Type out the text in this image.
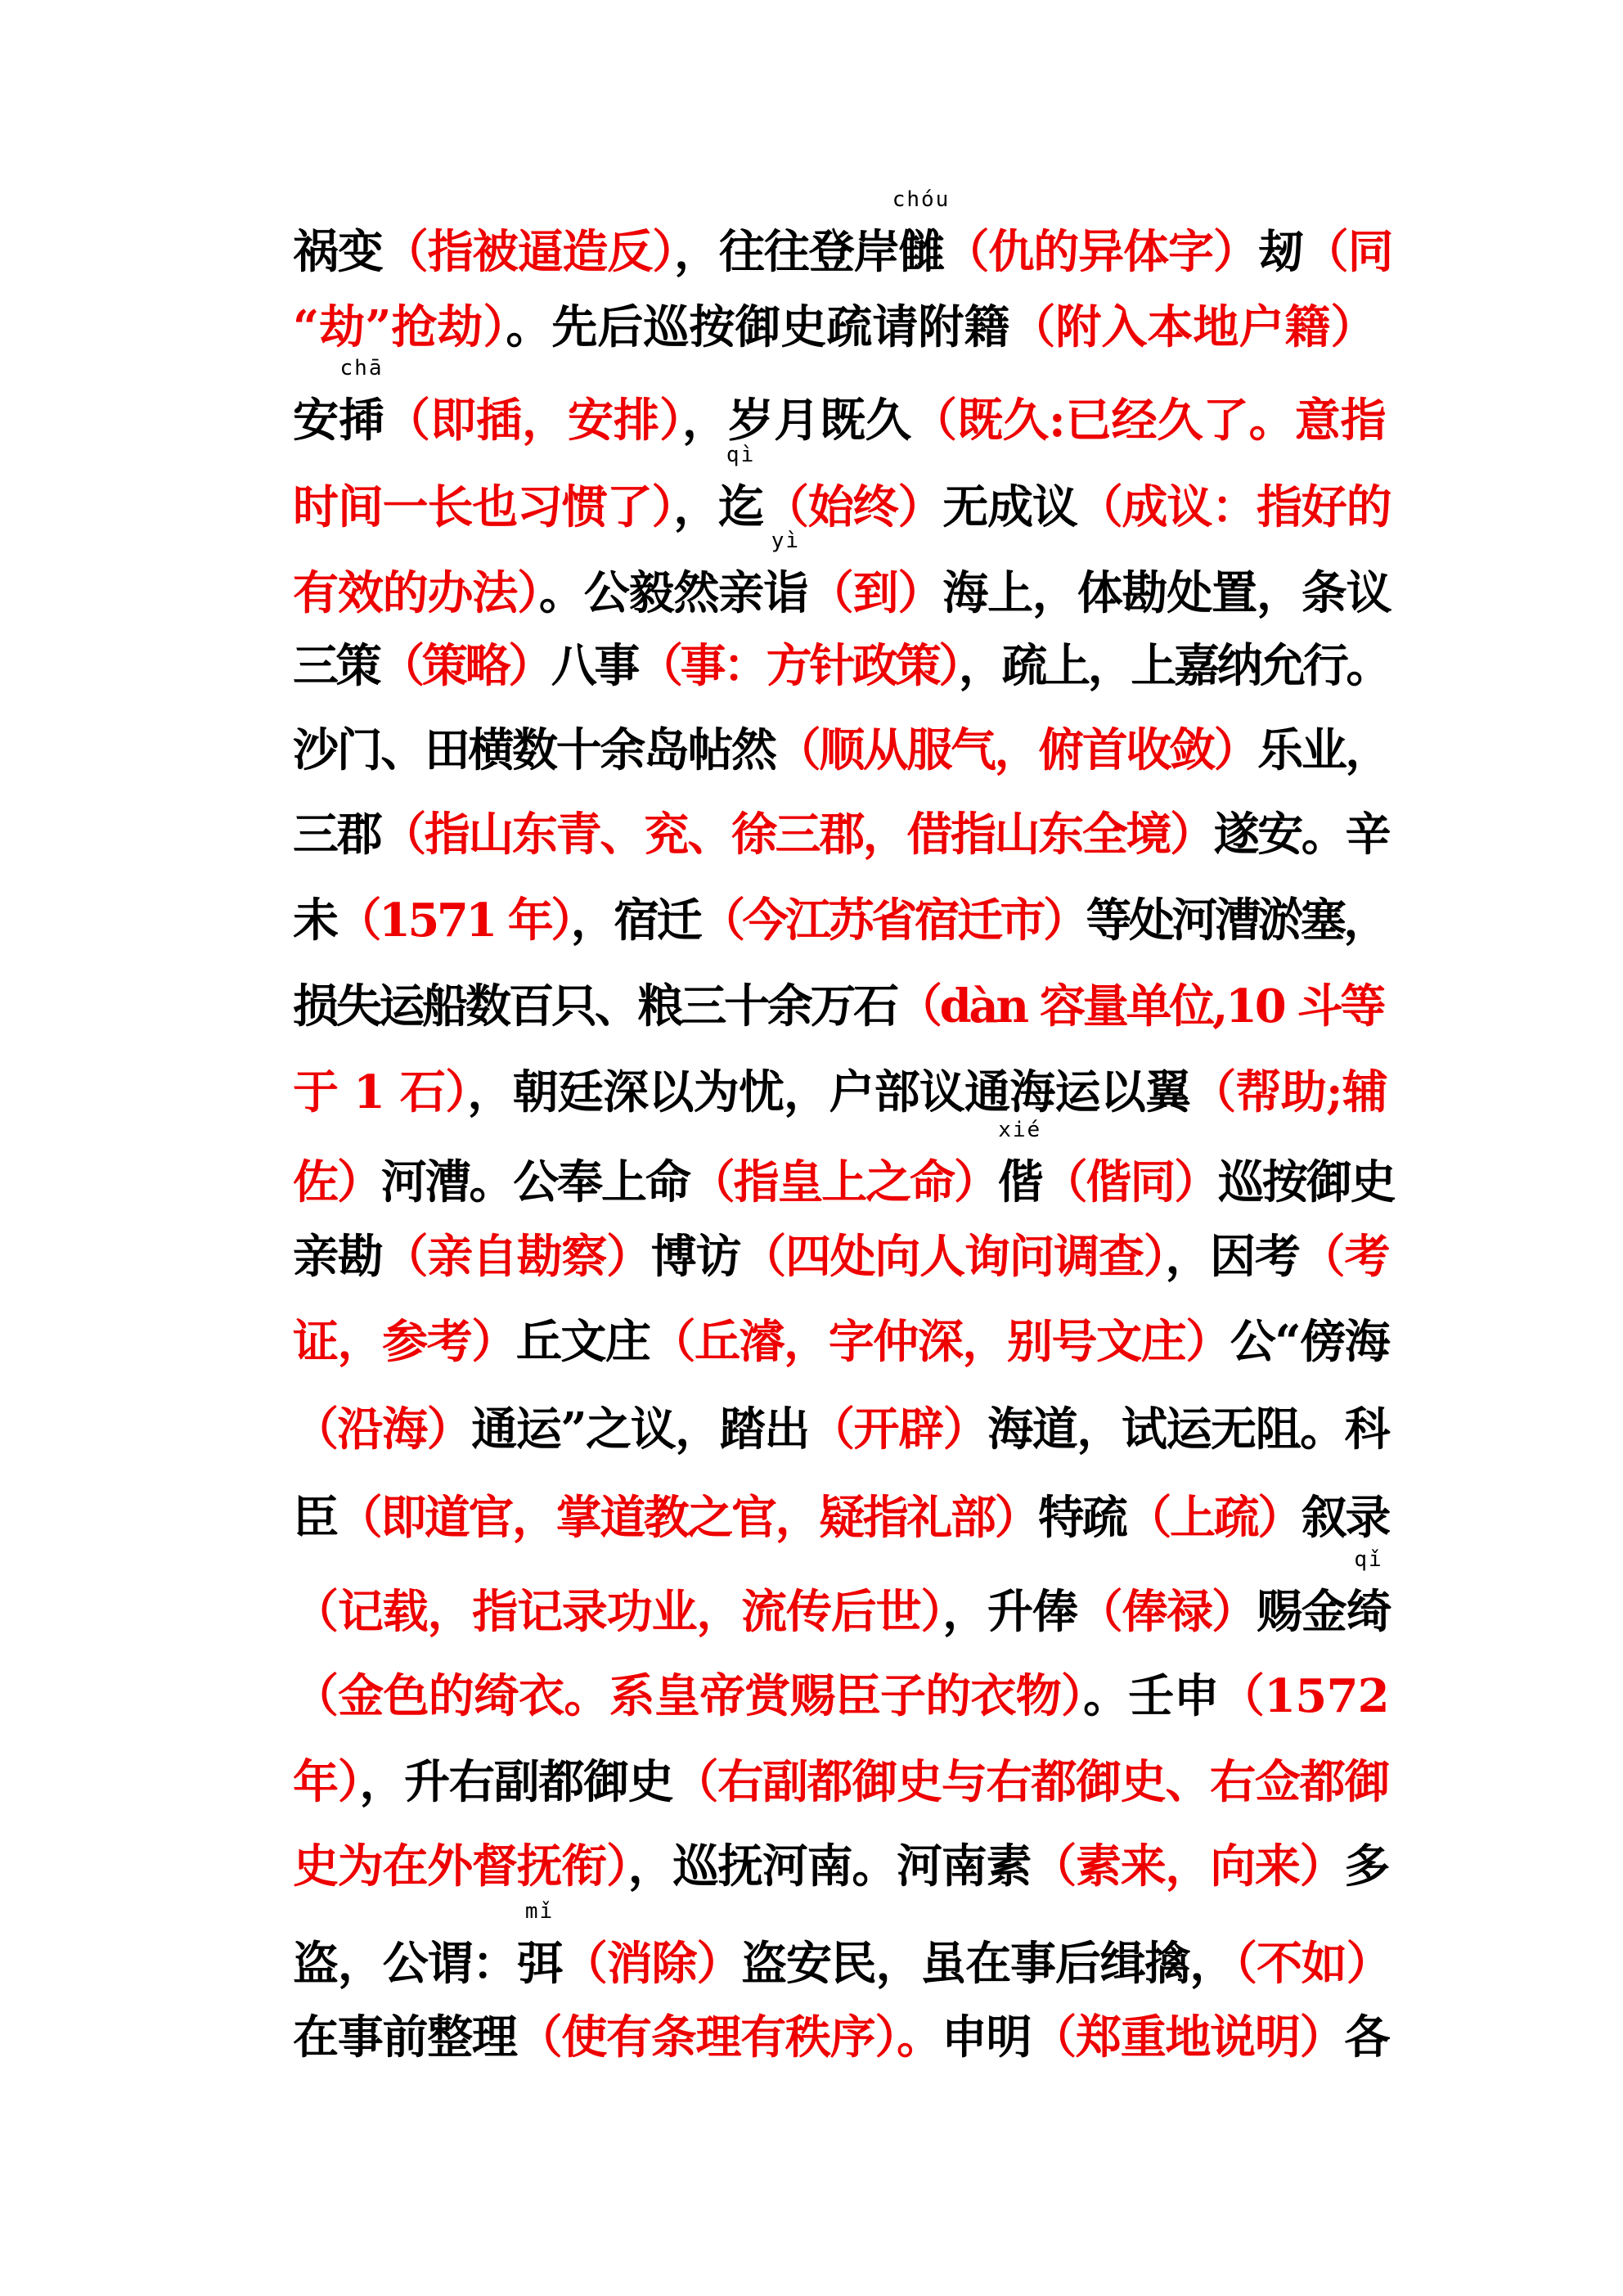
祸变（指被逼造反），往往登岸
chóu
雠（仇的异体字）刼（同
“劫”抢劫）。先后巡按御史疏请附籍（附入本地户籍）
安
chā
揷（即插，安排），岁月既久（既久:已经久了。意指
时间一长也习惯了），
qì
迄（始终）无成议（成议：指好的
有效的办法）。公毅然亲
yì
诣（到）海上，体勘处置，条议
三策（策略）八事（事：方针政策），疏上，上嘉纳允行。
沙门、田横数十余岛帖然（顺从服气，俯首收敛）乐业，
三郡（指山东青、兖、徐三郡，借指山东全境）遂安。辛
未（1571 年），宿迁（今江苏省宿迁市）等处河漕淤塞，
损失运船数百只、粮三十余万石（dàn 容量单位,10 斗等
于 1 石），朝廷深以为忧，户部议通海运以翼（帮助;辅
佐）河漕。公奉上命（指皇上之命）
xié
偕（偕同）巡按御史
亲勘（亲自勘察）博访（四处向人询问调查），因考（考
证，参考）丘文庄（丘濬，字仲深，别号文庄）公“傍海
（沿海）通运”之议，踏出（开辟）海道，试运无阻。科
臣（即道官，掌道教之官，疑指礼部）特疏（上疏）叙录
（记载，指记录功业，流传后世），升俸（俸禄）赐金
qǐ
绮
（金色的绮衣。系皇帝赏赐臣子的衣物）。壬申（1572
年），升右副都御史（右副都御史与右都御史、右佥都御
史为在外督抚衔），巡抚河南。河南素（素来，向来）多
盗，公谓：
mǐ
弭（消除）盗安民，虽在事后缉擒，（不如）
在事前整理（使有条理有秩序）。申明（郑重地说明）各
